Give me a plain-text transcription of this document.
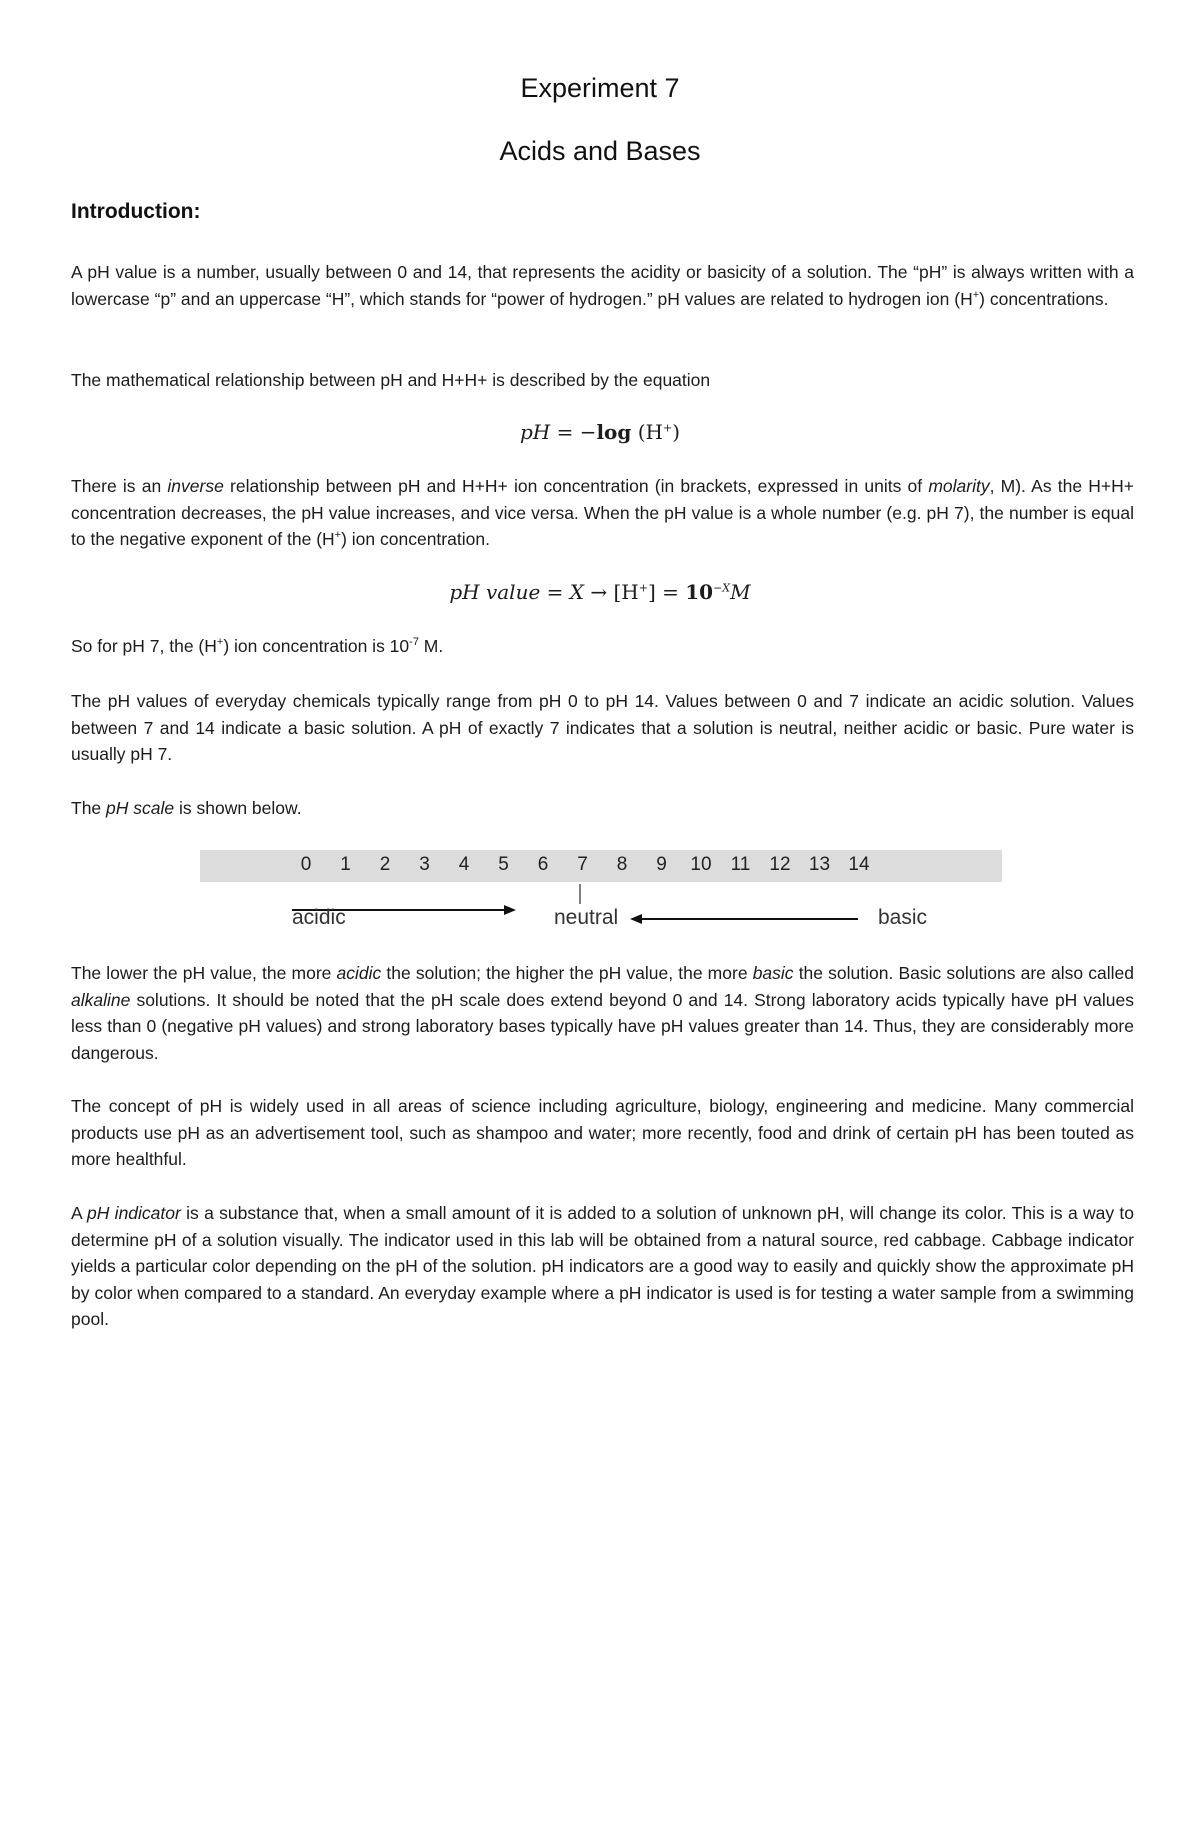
Experiment 7
Acids and Bases
Introduction:

A pH value is a number, usually between 0 and 14, that represents the acidity or basicity of a solution. The “pH” is always written with a lowercase “p” and an uppercase “H”, which stands for “power of hydrogen.” pH values are related to hydrogen ion (H+) concentrations.

The mathematical relationship between pH and H+H+ is described by the equation

pH = −log (H+)

There is an inverse relationship between pH and H+H+ ion concentration (in brackets, expressed in units of molarity, M). As the H+H+ concentration decreases, the pH value increases, and vice versa. When the pH value is a whole number (e.g. pH 7), the number is equal to the negative exponent of the (H+) ion concentration.

pH value = $X \to [H^+] = 10^{-X}M$

So for pH 7, the (H+) ion concentration is $10^{-7}$ M.

The pH values of everyday chemicals typically range from pH 0 to pH 14. Values between 0 and 7 indicate an acidic solution. Values between 7 and 14 indicate a basic solution. A pH of exactly 7 indicates that a solution is neutral, neither acidic or basic. Pure water is usually pH 7.

The pH scale is shown below.

0 1 2 3 4 5 6 7 8 9 10 11 12 13 14
acidic	neutral	basic

The lower the pH value, the more acidic the solution; the higher the pH value, the more basic the solution. Basic solutions are also called alkaline solutions. It should be noted that the pH scale does extend beyond 0 and 14. Strong laboratory acids typically have pH values less than 0 (negative pH values) and strong laboratory bases typically have pH values greater than 14. Thus, they are considerably more dangerous.

The concept of pH is widely used in all areas of science including agriculture, biology, engineering and medicine. Many commercial products use pH as an advertisement tool, such as shampoo and water; more recently, food and drink of certain pH has been touted as more healthful.

A pH indicator is a substance that, when a small amount of it is added to a solution of unknown pH, will change its color. This is a way to determine pH of a solution visually. The indicator used in this lab will be obtained from a natural source, red cabbage. Cabbage indicator yields a particular color depending on the pH of the solution. pH indicators are a good way to easily and quickly show the approximate pH by color when compared to a standard. An everyday example where a pH indicator is used is for testing a water sample from a swimming pool.
